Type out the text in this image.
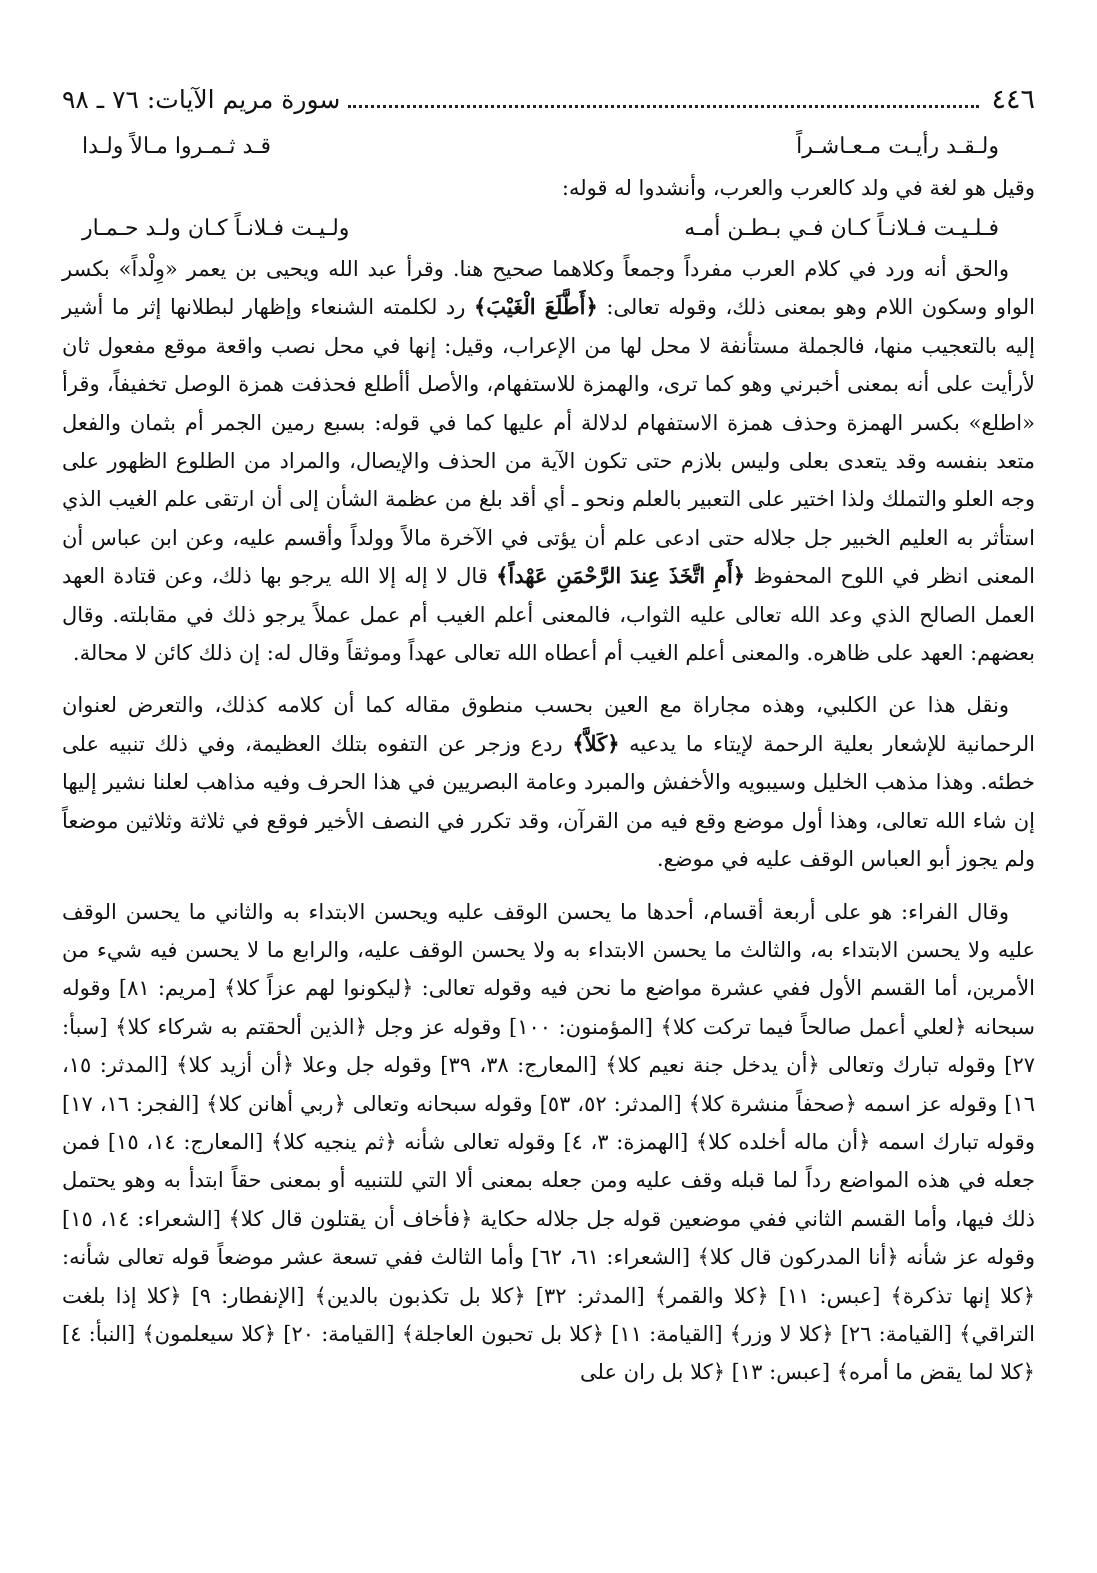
٤٤٦
سورة مريم الآيات: ٧٦ ـ ٩٨
ولـقـد رأيـت مـعـاشـراً
قـد ثـمـروا مـالاً ولـدا
وقيل هو لغة في ولد كالعرب والعرب، وأنشدوا له قوله:
فـلـيـت فـلانـاً كـان فـي بـطـن أمـه
ولـيـت فـلانـاً كـان ولـد حـمـار

والحق أنه ورد في كلام العرب مفرداً وجمعاً وكلاهما صحيح هنا. وقرأ عبد الله ويحيى بن يعمر «وِلْداً» بكسر الواو وسكون اللام وهو بمعنى ذلك، وقوله تعالى: ﴿أَطَّلَعَ الْغَيْبَ﴾ رد لكلمته الشنعاء وإظهار لبطلانها إثر ما أشير إليه بالتعجيب منها، فالجملة مستأنفة لا محل لها من الإعراب، وقيل: إنها في محل نصب واقعة موقع مفعول ثان لأرأيت على أنه بمعنى أخبرني وهو كما ترى، والهمزة للاستفهام، والأصل أأطلع فحذفت همزة الوصل تخفيفاً، وقرأ «اطلع» بكسر الهمزة وحذف همزة الاستفهام لدلالة أم عليها كما في قوله: بسبع رمين الجمر أم بثمان والفعل متعد بنفسه وقد يتعدى بعلى وليس بلازم حتى تكون الآية من الحذف والإيصال، والمراد من الطلوع الظهور على وجه العلو والتملك ولذا اختير على التعبير بالعلم ونحو ـ أي أقد بلغ من عظمة الشأن إلى أن ارتقى علم الغيب الذي استأثر به العليم الخبير جل جلاله حتى ادعى علم أن يؤتى في الآخرة مالاً وولداً وأقسم عليه، وعن ابن عباس أن المعنى انظر في اللوح المحفوظ ﴿أَمِ اتَّخَذَ عِندَ الرَّحْمَنِ عَهْداً﴾ قال لا إله إلا الله يرجو بها ذلك، وعن قتادة العهد العمل الصالح الذي وعد الله تعالى عليه الثواب، فالمعنى أعلم الغيب أم عمل عملاً يرجو ذلك في مقابلته. وقال بعضهم: العهد على ظاهره. والمعنى أعلم الغيب أم أعطاه الله تعالى عهداً وموثقاً وقال له: إن ذلك كائن لا محالة.

ونقل هذا عن الكلبي، وهذه مجاراة مع العين بحسب منطوق مقاله كما أن كلامه كذلك، والتعرض لعنوان الرحمانية للإشعار بعلية الرحمة لإيتاء ما يدعيه ﴿كَلاَّ﴾ ردع وزجر عن التفوه بتلك العظيمة، وفي ذلك تنبيه على خطئه. وهذا مذهب الخليل وسيبويه والأخفش والمبرد وعامة البصريين في هذا الحرف وفيه مذاهب لعلنا نشير إليها إن شاء الله تعالى، وهذا أول موضع وقع فيه من القرآن، وقد تكرر في النصف الأخير فوقع في ثلاثة وثلاثين موضعاً ولم يجوز أبو العباس الوقف عليه في موضع.

وقال الفراء: هو على أربعة أقسام، أحدها ما يحسن الوقف عليه ويحسن الابتداء به والثاني ما يحسن الوقف عليه ولا يحسن الابتداء به، والثالث ما يحسن الابتداء به ولا يحسن الوقف عليه، والرابع ما لا يحسن فيه شيء من الأمرين، أما القسم الأول ففي عشرة مواضع ما نحن فيه وقوله تعالى: ﴿ليكونوا لهم عزاً كلا﴾ [مريم: ٨١] وقوله سبحانه ﴿لعلي أعمل صالحاً فيما تركت كلا﴾ [المؤمنون: ١٠٠] وقوله عز وجل ﴿الذين ألحقتم به شركاء كلا﴾ [سبأ: ٢٧] وقوله تبارك وتعالى ﴿أن يدخل جنة نعيم كلا﴾ [المعارج: ٣٨، ٣٩] وقوله جل وعلا ﴿أن أزيد كلا﴾ [المدثر: ١٥، ١٦] وقوله عز اسمه ﴿صحفاً منشرة كلا﴾ [المدثر: ٥٢، ٥٣] وقوله سبحانه وتعالى ﴿ربي أهانن كلا﴾ [الفجر: ١٦، ١٧] وقوله تبارك اسمه ﴿أن ماله أخلده كلا﴾ [الهمزة: ٣، ٤] وقوله تعالى شأنه ﴿ثم ينجيه كلا﴾ [المعارج: ١٤، ١٥] فمن جعله في هذه المواضع رداً لما قبله وقف عليه ومن جعله بمعنى ألا التي للتنبيه أو بمعنى حقاً ابتدأ به وهو يحتمل ذلك فيها، وأما القسم الثاني ففي موضعين قوله جل جلاله حكاية ﴿فأخاف أن يقتلون قال كلا﴾ [الشعراء: ١٤، ١٥] وقوله عز شأنه ﴿أنا المدركون قال كلا﴾ [الشعراء: ٦١، ٦٢] وأما الثالث ففي تسعة عشر موضعاً قوله تعالى شأنه: ﴿كلا إنها تذكرة﴾ [عبس: ١١] ﴿كلا والقمر﴾ [المدثر: ٣٢] ﴿كلا بل تكذبون بالدين﴾ [الإنفطار: ٩] ﴿كلا إذا بلغت التراقي﴾ [القيامة: ٢٦] ﴿كلا لا وزر﴾ [القيامة: ١١] ﴿كلا بل تحبون العاجلة﴾ [القيامة: ٢٠] ﴿كلا سيعلمون﴾ [النبأ: ٤] ﴿كلا لما يقض ما أمره﴾ [عبس: ١٣] ﴿كلا بل ران على
